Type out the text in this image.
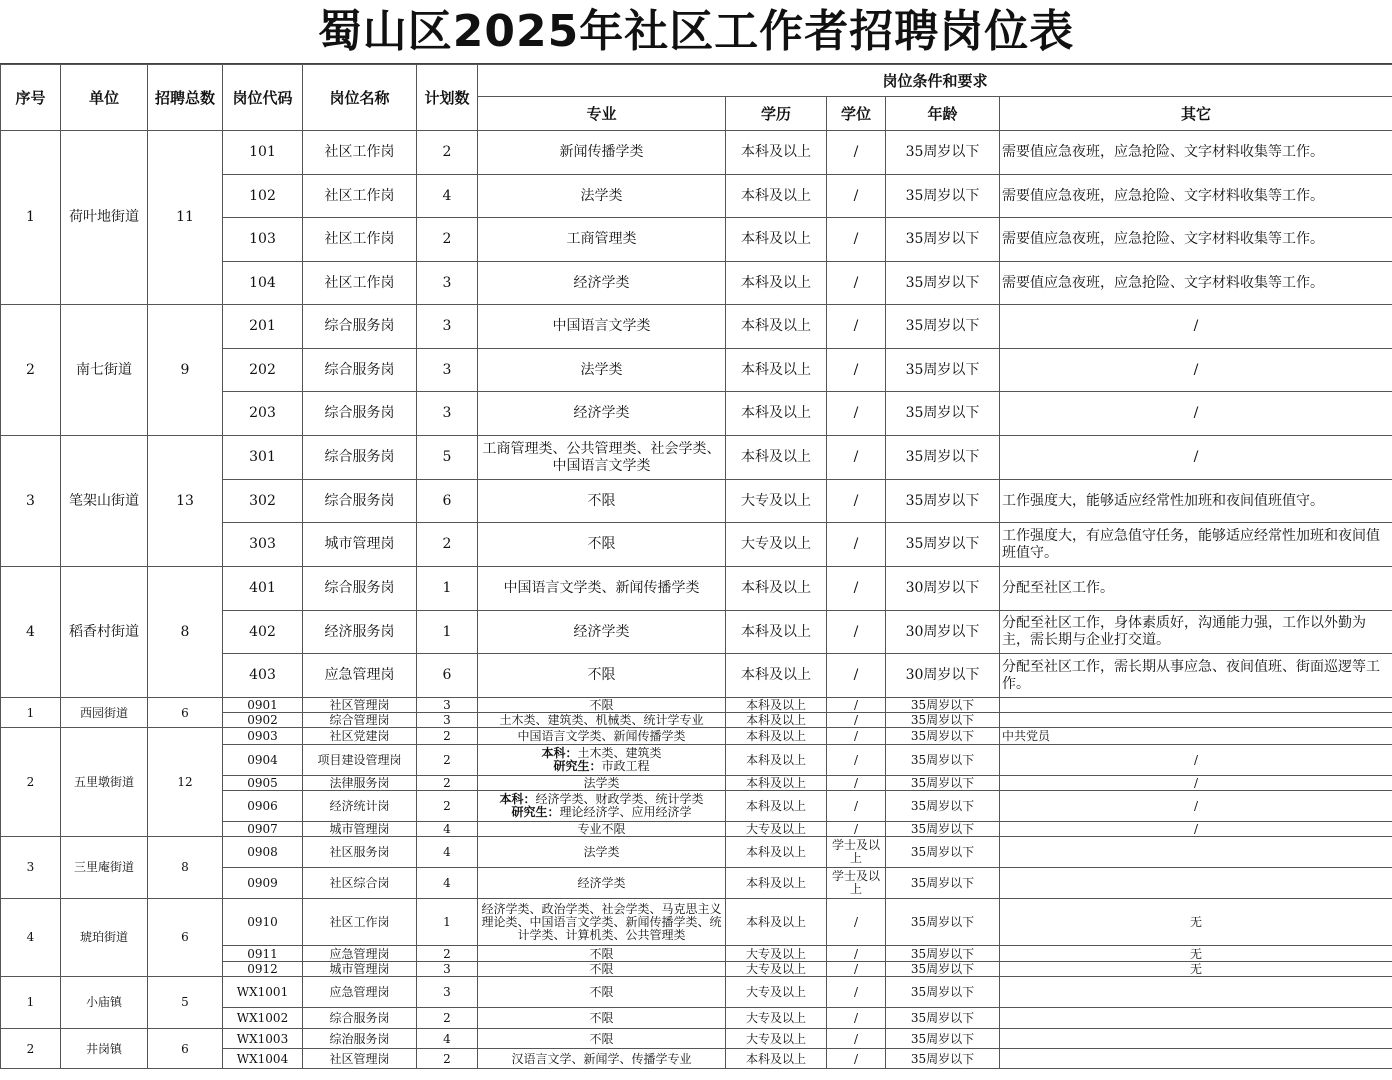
蜀山区2025年社区工作者招聘岗位表
序号	单位	招聘总数	岗位代码	岗位名称	计划数	岗位条件和要求				
						专业	学历	学位	年龄	其它
1	荷叶地街道	11	101	社区工作岗	2	新闻传播学类	本科及以上	/	35周岁以下	需要值应急夜班，应急抢险、文字材料收集等工作。
			102	社区工作岗	4	法学类	本科及以上	/	35周岁以下	需要值应急夜班，应急抢险、文字材料收集等工作。
			103	社区工作岗	2	工商管理类	本科及以上	/	35周岁以下	需要值应急夜班，应急抢险、文字材料收集等工作。
			104	社区工作岗	3	经济学类	本科及以上	/	35周岁以下	需要值应急夜班，应急抢险、文字材料收集等工作。
2	南七街道	9	201	综合服务岗	3	中国语言文学类	本科及以上	/	35周岁以下	/
			202	综合服务岗	3	法学类	本科及以上	/	35周岁以下	/
			203	综合服务岗	3	经济学类	本科及以上	/	35周岁以下	/
3	笔架山街道	13	301	综合服务岗	5	工商管理类、公共管理类、社会学类、中国语言文学类	本科及以上	/	35周岁以下	/
			302	综合服务岗	6	不限	大专及以上	/	35周岁以下	工作强度大，能够适应经常性加班和夜间值班值守。
			303	城市管理岗	2	不限	大专及以上	/	35周岁以下	工作强度大，有应急值守任务，能够适应经常性加班和夜间值班值守。
4	稻香村街道	8	401	综合服务岗	1	中国语言文学类、新闻传播学类	本科及以上	/	30周岁以下	分配至社区工作。
			402	经济服务岗	1	经济学类	本科及以上	/	30周岁以下	分配至社区工作，身体素质好，沟通能力强，工作以外勤为主，需长期与企业打交道。
			403	应急管理岗	6	不限	本科及以上	/	30周岁以下	分配至社区工作，需长期从事应急、夜间值班、街面巡逻等工作。
1	西园街道	6	0901	社区管理岗	3	不限	本科及以上	/	35周岁以下	
			0902	综合管理岗	3	土木类、建筑类、机械类、统计学专业	本科及以上	/	35周岁以下	
2	五里墩街道	12	0903	社区党建岗	2	中国语言文学类、新闻传播学类	本科及以上	/	35周岁以下	中共党员
			0904	项目建设管理岗	2	本科：土木类、建筑类
研究生：市政工程	本科及以上	/	35周岁以下	/
			0905	法律服务岗	2	法学类	本科及以上	/	35周岁以下	/
			0906	经济统计岗	2	本科：经济学类、财政学类、统计学类
研究生：理论经济学、应用经济学	本科及以上	/	35周岁以下	/
			0907	城市管理岗	4	专业不限	大专及以上	/	35周岁以下	/
3	三里庵街道	8	0908	社区服务岗	4	法学类	本科及以上	学士及以上	35周岁以下	
			0909	社区综合岗	4	经济学类	本科及以上	学士及以上	35周岁以下	
4	琥珀街道	6	0910	社区工作岗	1	经济学类、政治学类、社会学类、马克思主义理论类、中国语言文学类、新闻传播学类、统计学类、计算机类、公共管理类	本科及以上	/	35周岁以下	无
			0911	应急管理岗	2	不限	大专及以上	/	35周岁以下	无
			0912	城市管理岗	3	不限	大专及以上	/	35周岁以下	无
1	小庙镇	5	WX1001	应急管理岗	3	不限	大专及以上	/	35周岁以下	
			WX1002	综合服务岗	2	不限	大专及以上	/	35周岁以下	
2	井岗镇	6	WX1003	综治服务岗	4	不限	大专及以上	/	35周岁以下	
			WX1004	社区管理岗	2	汉语言文学、新闻学、传播学专业	本科及以上	/	35周岁以下	
